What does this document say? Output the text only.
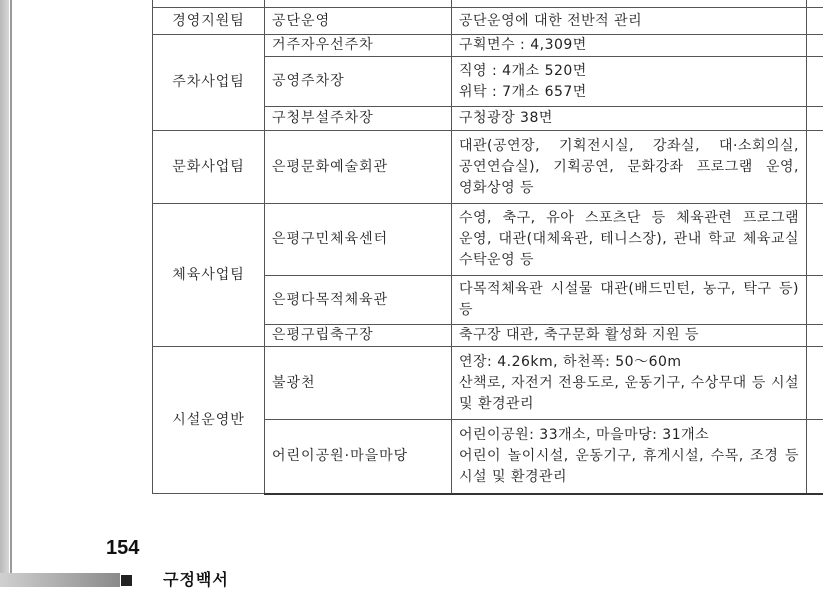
경영지원팀	공단운영	공단운영에 대한 전반적 관리	
주차사업팀	거주자우선주차	구획면수 : 4,309면	
	공영주차장	직영 : 4개소 520면
위탁 : 7개소 657면	
	구청부설주차장	구청광장 38면	
문화사업팀	은평문화예술회관	대관(공연장, 기획전시실, 강좌실, 대·소회의실, 공연연습실), 기획공연, 문화강좌 프로그램 운영, 영화상영 등	
체육사업팀	은평구민체육센터	수영, 축구, 유아 스포츠단 등 체육관련 프로그램 운영, 대관(대체육관, 테니스장), 관내 학교 체육교실 수탁운영 등	
	은평다목적체육관	다목적체육관 시설물 대관(배드민턴, 농구, 탁구 등) 등	
	은평구립축구장	축구장 대관, 축구문화 활성화 지원 등	
시설운영반	불광천	연장: 4.26km, 하천폭: 50～60m
산책로, 자전거 전용도로, 운동기구, 수상무대 등 시설 및 환경관리	
	어린이공원·마을마당	어린이공원: 33개소, 마을마당: 31개소
어린이 놀이시설, 운동기구, 휴게시설, 수목, 조경 등 시설 및 환경관리	
154
구정백서
